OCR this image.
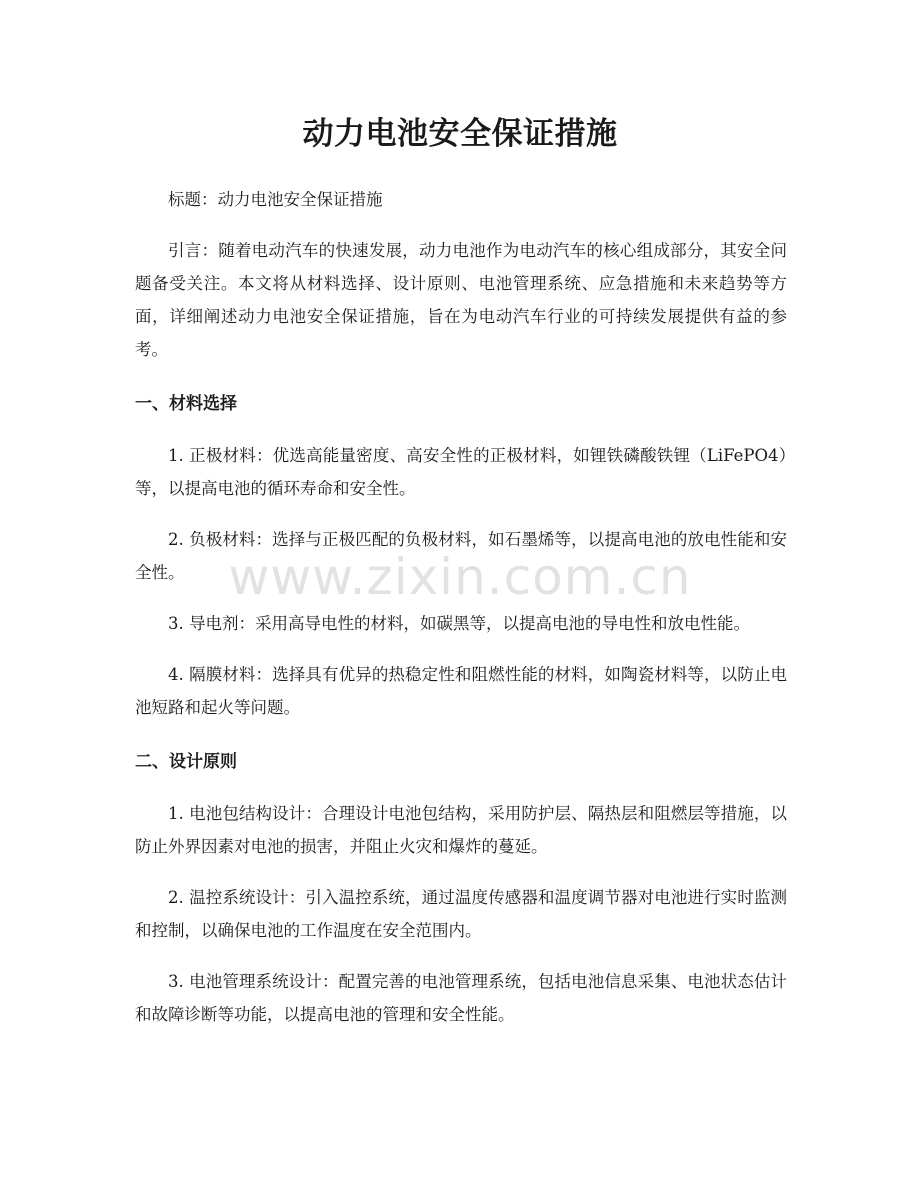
动力电池安全保证措施

标题：动力电池安全保证措施

引言：随着电动汽车的快速发展，动力电池作为电动汽车的核心组成部分，其安全问题备受关注。本文将从材料选择、设计原则、电池管理系统、应急措施和未来趋势等方面，详细阐述动力电池安全保证措施，旨在为电动汽车行业的可持续发展提供有益的参考。

一、材料选择

1. 正极材料：优选高能量密度、高安全性的正极材料，如锂铁磷酸铁锂（LiFePO4）等，以提高电池的循环寿命和安全性。

2. 负极材料：选择与正极匹配的负极材料，如石墨烯等，以提高电池的放电性能和安全性。

3. 导电剂：采用高导电性的材料，如碳黑等，以提高电池的导电性和放电性能。

4. 隔膜材料：选择具有优异的热稳定性和阻燃性能的材料，如陶瓷材料等，以防止电池短路和起火等问题。

二、设计原则

1. 电池包结构设计：合理设计电池包结构，采用防护层、隔热层和阻燃层等措施，以防止外界因素对电池的损害，并阻止火灾和爆炸的蔓延。

2. 温控系统设计：引入温控系统，通过温度传感器和温度调节器对电池进行实时监测和控制，以确保电池的工作温度在安全范围内。

3. 电池管理系统设计：配置完善的电池管理系统，包括电池信息采集、电池状态估计和故障诊断等功能，以提高电池的管理和安全性能。

www.zixin.com.cn
